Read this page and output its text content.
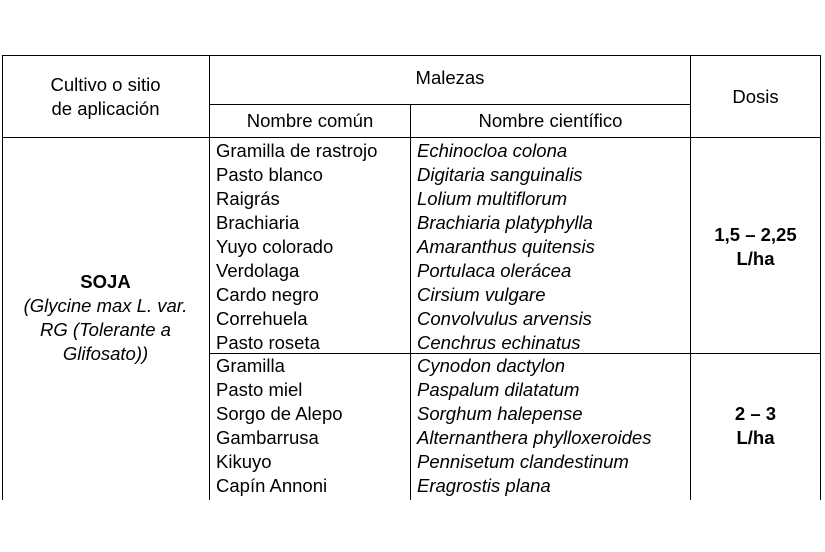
Cultivo o sitio
de aplicación
Malezas
Dosis
Nombre común	Nombre científico
SOJA
(Glycine max L. var.
RG (Tolerante a
Glifosato))
Gramilla de rastrojo
Pasto blanco
Raigrás
Brachiaria
Yuyo colorado
Verdolaga
Cardo negro
Correhuela
Pasto roseta
Echinocloa colona
Digitaria sanguinalis
Lolium multiflorum
Brachiaria platyphylla
Amaranthus quitensis
Portulaca olerácea
Cirsium vulgare
Convolvulus arvensis
Cenchrus echinatus
1,5 – 2,25
L/ha
Gramilla
Pasto miel
Sorgo de Alepo
Gambarrusa
Kikuyo
Capín Annoni
Cynodon dactylon
Paspalum dilatatum
Sorghum halepense
Alternanthera phylloxeroides
Pennisetum clandestinum
Eragrostis plana
2 – 3
L/ha
